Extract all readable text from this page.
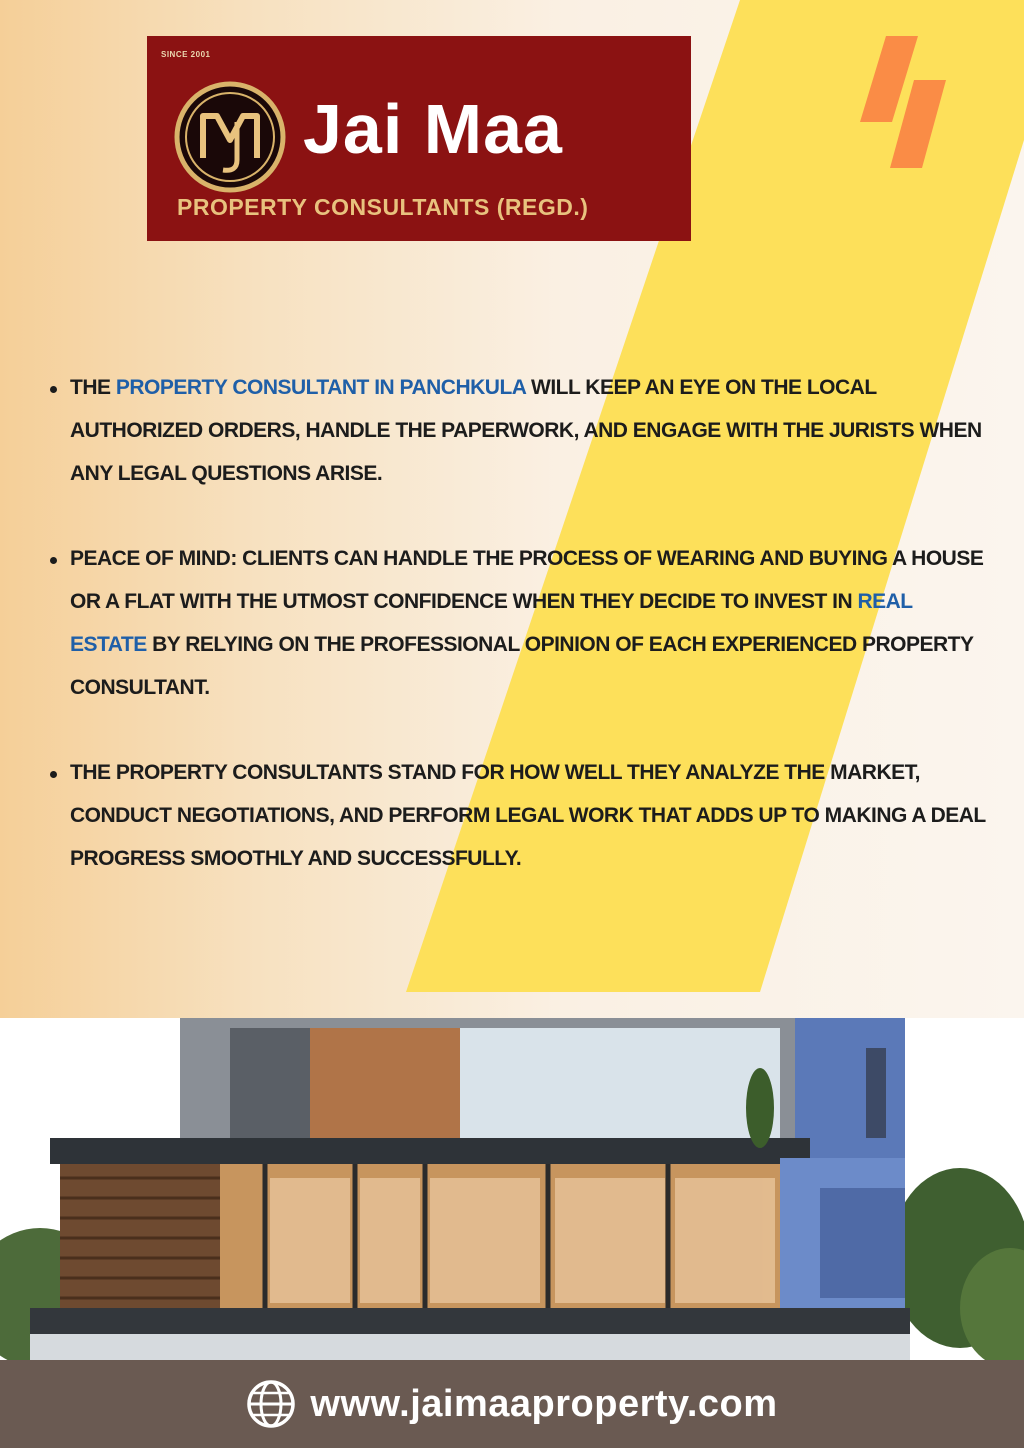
SINCE 2001
Jai Maa
PROPERTY CONSULTANTS (REGD.)
THE PROPERTY CONSULTANT IN PANCHKULA WILL KEEP AN EYE ON THE LOCAL AUTHORIZED ORDERS, HANDLE THE PAPERWORK, AND ENGAGE WITH THE JURISTS WHEN ANY LEGAL QUESTIONS ARISE.
PEACE OF MIND: CLIENTS CAN HANDLE THE PROCESS OF WEARING AND BUYING A HOUSE OR A FLAT WITH THE UTMOST CONFIDENCE WHEN THEY DECIDE TO INVEST IN REAL ESTATE BY RELYING ON THE PROFESSIONAL OPINION OF EACH EXPERIENCED PROPERTY CONSULTANT.
THE PROPERTY CONSULTANTS STAND FOR HOW WELL THEY ANALYZE THE MARKET, CONDUCT NEGOTIATIONS, AND PERFORM LEGAL WORK THAT ADDS UP TO MAKING A DEAL PROGRESS SMOOTHLY AND SUCCESSFULLY.
www.jaimaaproperty.com
